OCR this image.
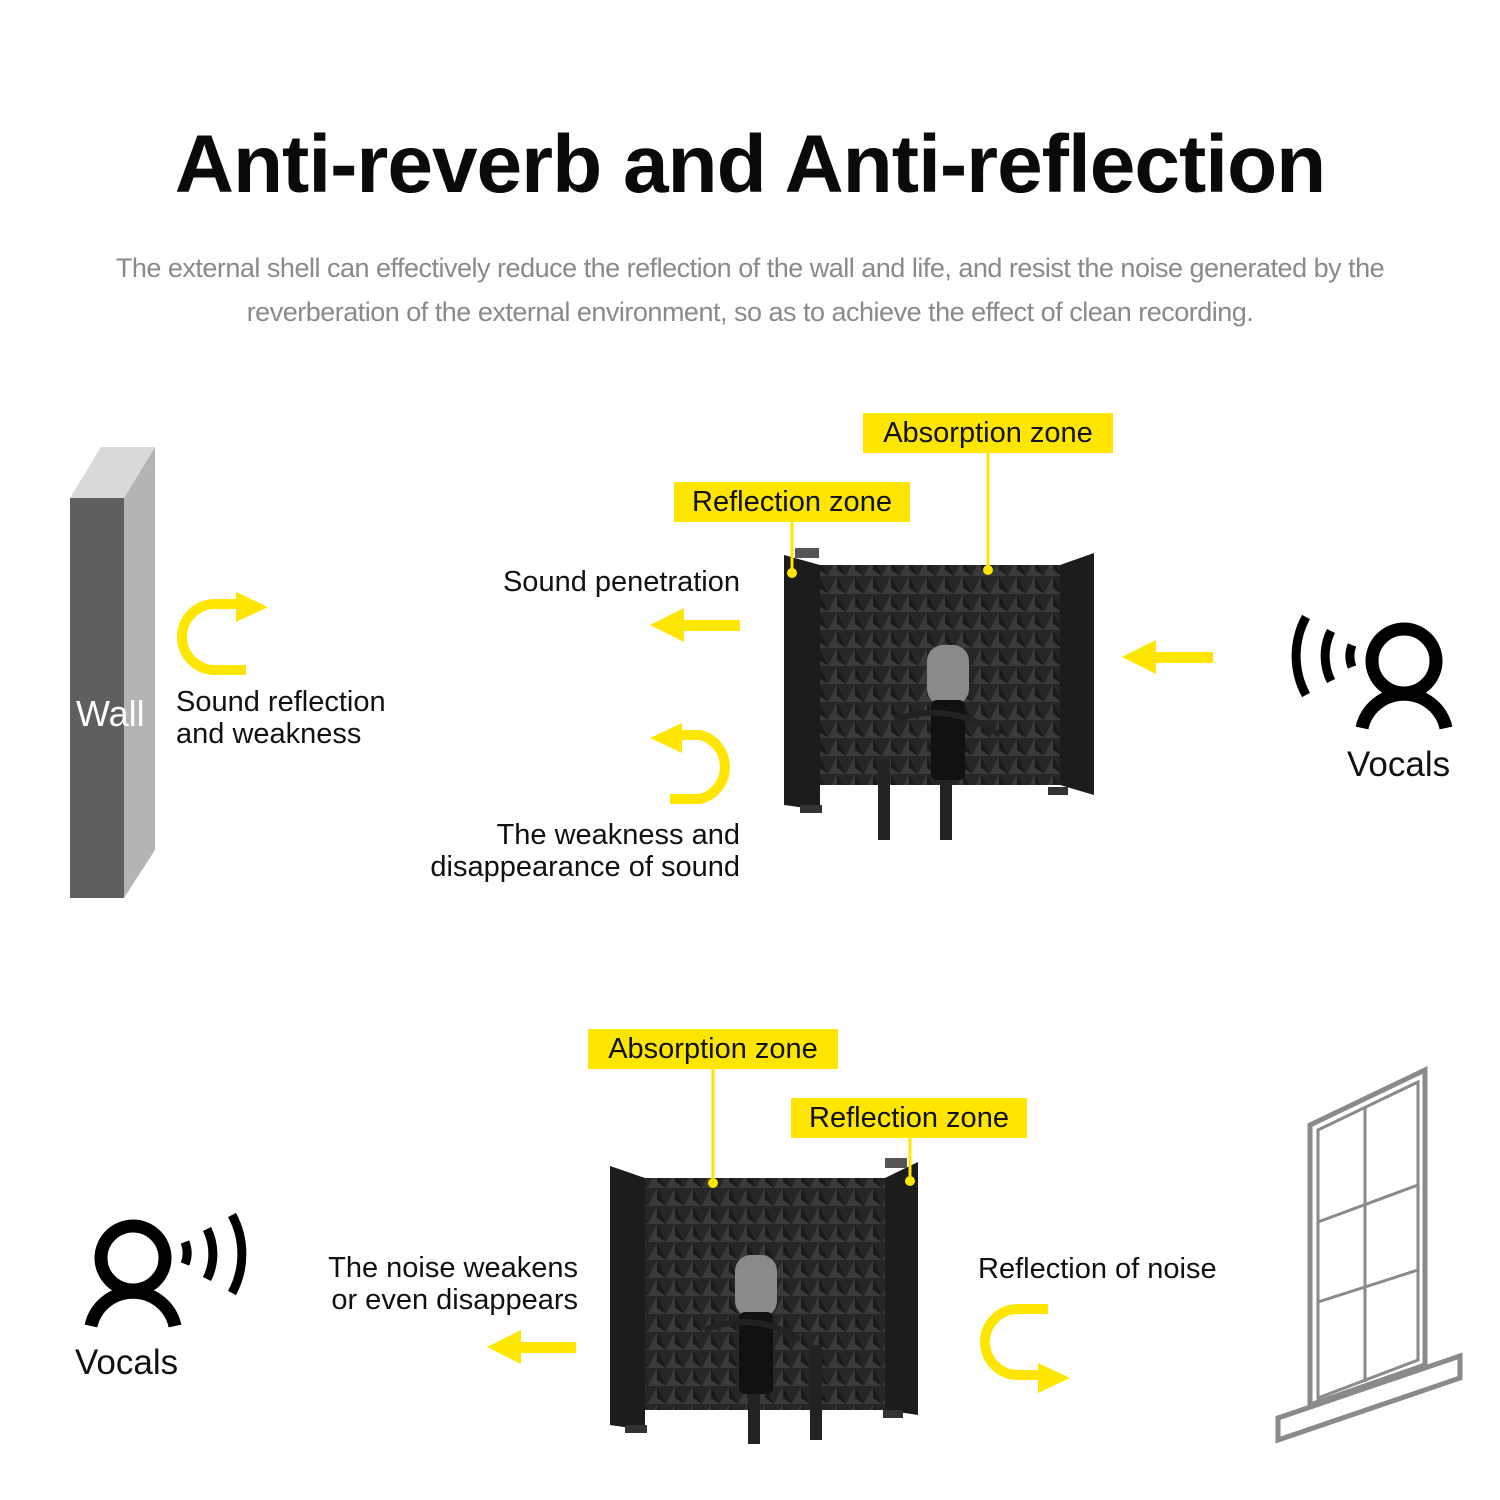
Anti-reverb and Anti-reflection
The external shell can effectively reduce the reflection of the wall and life, and resist the noise generated by the reverberation of the external environment, so as to achieve the effect of clean recording.
Wall
Absorption zone
Reflection zone
Sound penetration
Sound reflection
and weakness
The weakness and
disappearance of sound
Vocals
Absorption zone
Reflection zone
The noise weakens
or even disappears
Reflection of noise
Vocals
